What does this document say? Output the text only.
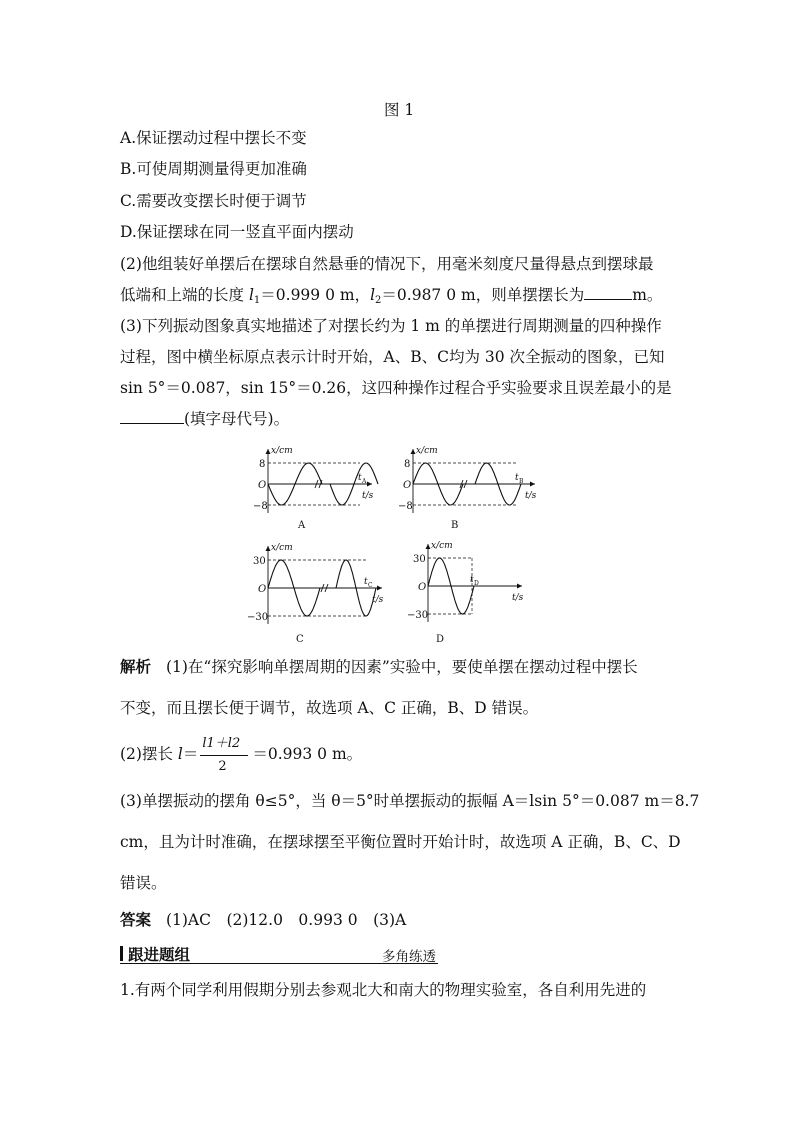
图 1
A.保证摆动过程中摆长不变
B.可使周期测量得更加准确
C.需要改变摆长时便于调节
D.保证摆球在同一竖直平面内摆动
(2)他组装好单摆后在摆球自然悬垂的情况下，用毫米刻度尺量得悬点到摆球最
低端和上端的长度 $l_1=0.999$ 0 m，$l_2=0.987$ 0 m，则单摆摆长为	m。
(3)下列振动图象真实地描述了对摆长约为 1 m 的单摆进行周期测量的四种操作
过程，图中横坐标原点表示计时开始，A、B、C均为 30 次全振动的图象，已知
sin 5°＝0.087，sin 15°＝0.26，这四种操作过程合乎实验要求且误差最小的是
(填字母代号)。
x/cm
8
−8
O
t A
t/s
A
x/cm
8
−8
O
t B
t/s
B
x/cm
30
−30
O
t C
t/s
C
x/cm
30
−30
O
t D
t/s
D
解析 (1)在“探究影响单摆周期的因素”实验中，要使单摆在摆动过程中摆长
不变，而且摆长便于调节，故选项 A、C 正确，B、D 错误。
(2)摆长 $l= \frac{l1+l2}{2} =0.993$ 0 m。
(3)单摆振动的摆角 θ≤5°，当 θ＝5°时单摆振动的振幅 A＝lsin 5°＝0.087 m＝8.7
cm，且为计时准确，在摆球摆至平衡位置时开始计时，故选项 A 正确，B、C、D
错误。
答案 (1)AC　(2)12.0　0.993 0　(3)A
跟进题组	多角练透
1.有两个同学利用假期分别去参观北大和南大的物理实验室，各自利用先进的
